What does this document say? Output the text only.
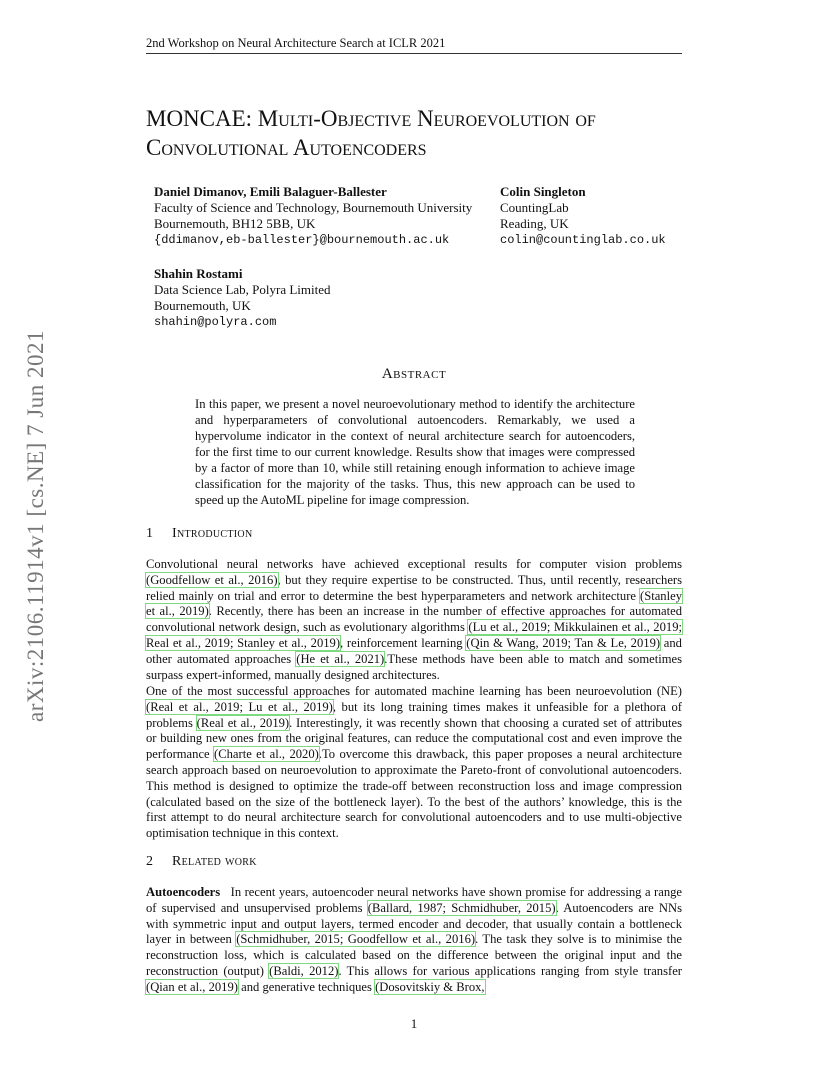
2nd Workshop on Neural Architecture Search at ICLR 2021
arXiv:2106.11914v1 [cs.NE] 7 Jun 2021
MONCAE: Multi-Objective Neuroevolution of
Convolutional Autoencoders
Daniel Dimanov, Emili Balaguer-Ballester
Faculty of Science and Technology, Bournemouth University
Bournemouth, BH12 5BB, UK
{ddimanov,eb-ballester}@bournemouth.ac.uk
Colin Singleton
CountingLab
Reading, UK
colin@countinglab.co.uk
Shahin Rostami
Data Science Lab, Polyra Limited
Bournemouth, UK
shahin@polyra.com
Abstract
In this paper, we present a novel neuroevolutionary method to identify the architecture and hyperparameters of convolutional autoencoders. Remarkably, we used a hypervolume indicator in the context of neural architecture search for autoencoders, for the first time to our current knowledge. Results show that images were compressed by a factor of more than 10, while still retaining enough information to achieve image classification for the majority of the tasks. Thus, this new approach can be used to speed up the AutoML pipeline for image compression.
1 Introduction

Convolutional neural networks have achieved exceptional results for computer vision problems (Goodfellow et al., 2016), but they require expertise to be constructed. Thus, until recently, researchers relied mainly on trial and error to determine the best hyperparameters and network architecture (Stanley et al., 2019). Recently, there has been an increase in the number of effective approaches for automated convolutional network design, such as evolutionary algorithms (Lu et al., 2019; Mikkulainen et al., 2019; Real et al., 2019; Stanley et al., 2019), reinforcement learning (Qin & Wang, 2019; Tan & Le, 2019) and other automated approaches (He et al., 2021).These methods have been able to match and sometimes surpass expert-informed, manually designed architectures.

One of the most successful approaches for automated machine learning has been neuroevolution (NE) (Real et al., 2019; Lu et al., 2019), but its long training times makes it unfeasible for a plethora of problems (Real et al., 2019). Interestingly, it was recently shown that choosing a curated set of attributes or building new ones from the original features, can reduce the computational cost and even improve the performance (Charte et al., 2020).To overcome this drawback, this paper proposes a neural architecture search approach based on neuroevolution to approximate the Pareto-front of convolutional autoencoders. This method is designed to optimize the trade-off between reconstruction loss and image compression (calculated based on the size of the bottleneck layer). To the best of the authors’ knowledge, this is the first attempt to do neural architecture search for convolutional autoencoders and to use multi-objective optimisation technique in this context.

2 Related work

Autoencoders   In recent years, autoencoder neural networks have shown promise for addressing a range of supervised and unsupervised problems (Ballard, 1987; Schmidhuber, 2015). Autoencoders are NNs with symmetric input and output layers, termed encoder and decoder, that usually contain a bottleneck layer in between (Schmidhuber, 2015; Goodfellow et al., 2016). The task they solve is to minimise the reconstruction loss, which is calculated based on the difference between the original input and the reconstruction (output) (Baldi, 2012). This allows for various applications ranging from style transfer (Qian et al., 2019) and generative techniques (Dosovitskiy & Brox,

1
